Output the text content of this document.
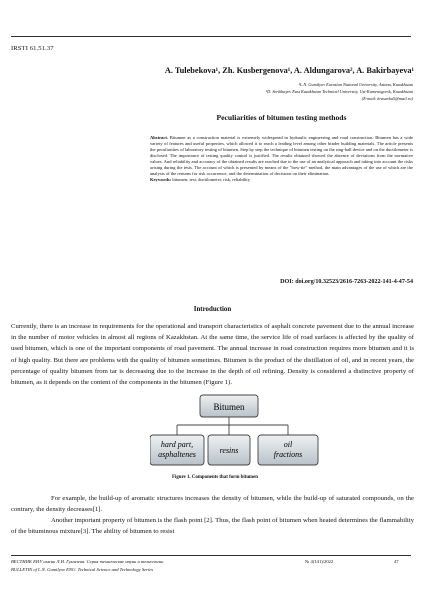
IRSTI 61.51.37
A. Tulebekova¹, Zh. Kusbergenova¹, A. Aldungarova², A. Bakirbayeva¹
¹L.N. Gumilyov Eurasian National University, Astana, Kazakhstan
²D. Serikbayev East Kazakhstan Technical University, Ust-Kamenogorsk, Kazakhstan
(E-mail: krasavka5@mail.ru)
Peculiarities of bitumen testing methods
Abstract. Bitumen as a construction material is extremely widespread in hydraulic engineering and road construction. Bitumen has a wide variety of features and useful properties, which allowed it to reach a leading level among other binder building materials. The article presents the peculiarities of laboratory testing of bitumen. Step by step the technique of bitumen testing on the ring-ball device and on the ductilometer is disclosed. The importance of testing quality control is justified. The results obtained showed the absence of deviations from the normative values. And reliability and accuracy of the obtained results are reached due to the use of an analytical approach and taking into account the risks arising during the tests. The account of which is presented by means of the "bow-tie" method, the main advantages of the use of which are the analysis of the reasons for risk occurrence, and the determination of decisions on their elimination.
Keywords: bitumen, test, ductilometer, risk, reliability
DOI: doi.org/10.32523/2616-7263-2022-141-4-47-54
Introduction
Currently, there is an increase in requirements for the operational and transport characteristics of asphalt concrete pavement due to the annual increase in the number of motor vehicles in almost all regions of Kazakhstan. At the same time, the service life of road surfaces is affected by the quality of used bitumen, which is one of the important components of road pavement. The annual increase in road construction requires more bitumen and it is of high quality. But there are problems with the quality of bitumen sometimes. Bitumen is the product of the distillation of oil, and in recent years, the percentage of quality bitumen from tar is decreasing due to the increase in the depth of oil refining. Density is considered a distinctive property of bitumen, as it depends on the content of the components in the bitumen (Figure 1).
Bitumen
hard part,
asphaltenes	resins
oil
fractions
Figure 1. Components that form bitumen
For example, the build-up of aromatic structures increases the density of bitumen, while the build-up of saturated compounds, on the contrary, the density decreases[1].
Another important property of bitumen is the flash point [2]. Thus, the flash point of bitumen when heated determines the flammability of the bituminous mixture[3]. The ability of bitumen to resist
ВЕСТНИК ЕНУ имени Л.Н. Гумилева. Серия технические науки и технологии
BULLETIN of L.N. Gumilyov ENU. Technical Science and Technology Series
№ 4(141)/2022	47
